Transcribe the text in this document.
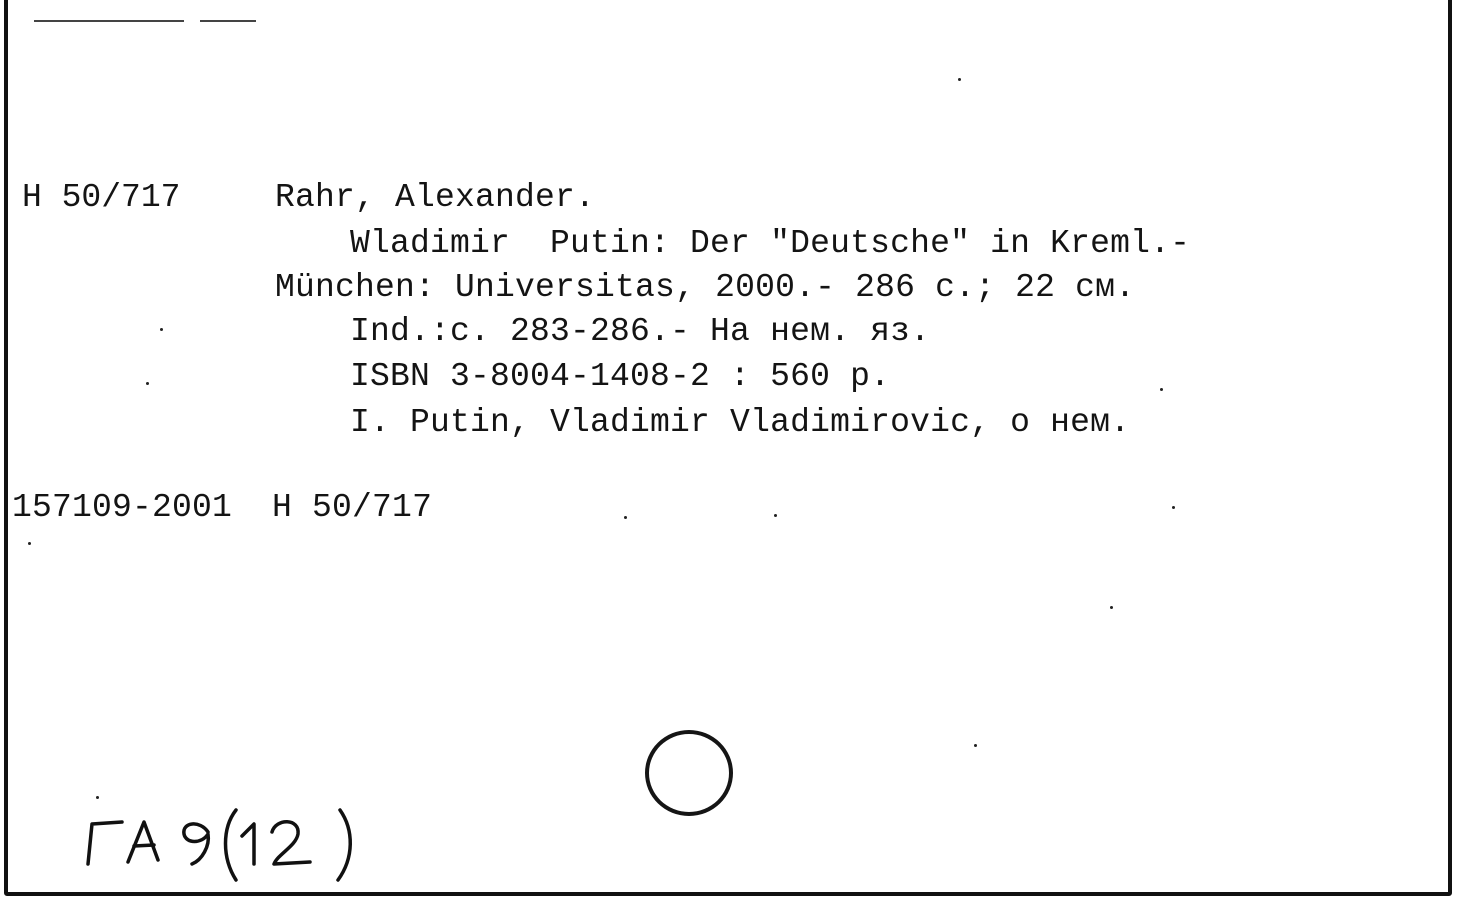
Н 50/717	Rahr, Alexander.
Wladimir  Putin: Der "Deutsche" in Kreml.-
München: Universitas, 2000.- 286 с.; 22 см.
Ind.:с. 283-286.- На нем. яз.
ISBN 3-8004-1408-2 : 560 р.
I. Putin, Vladimir Vladimirovic, о нем.
157109-2001  Н 50/717
